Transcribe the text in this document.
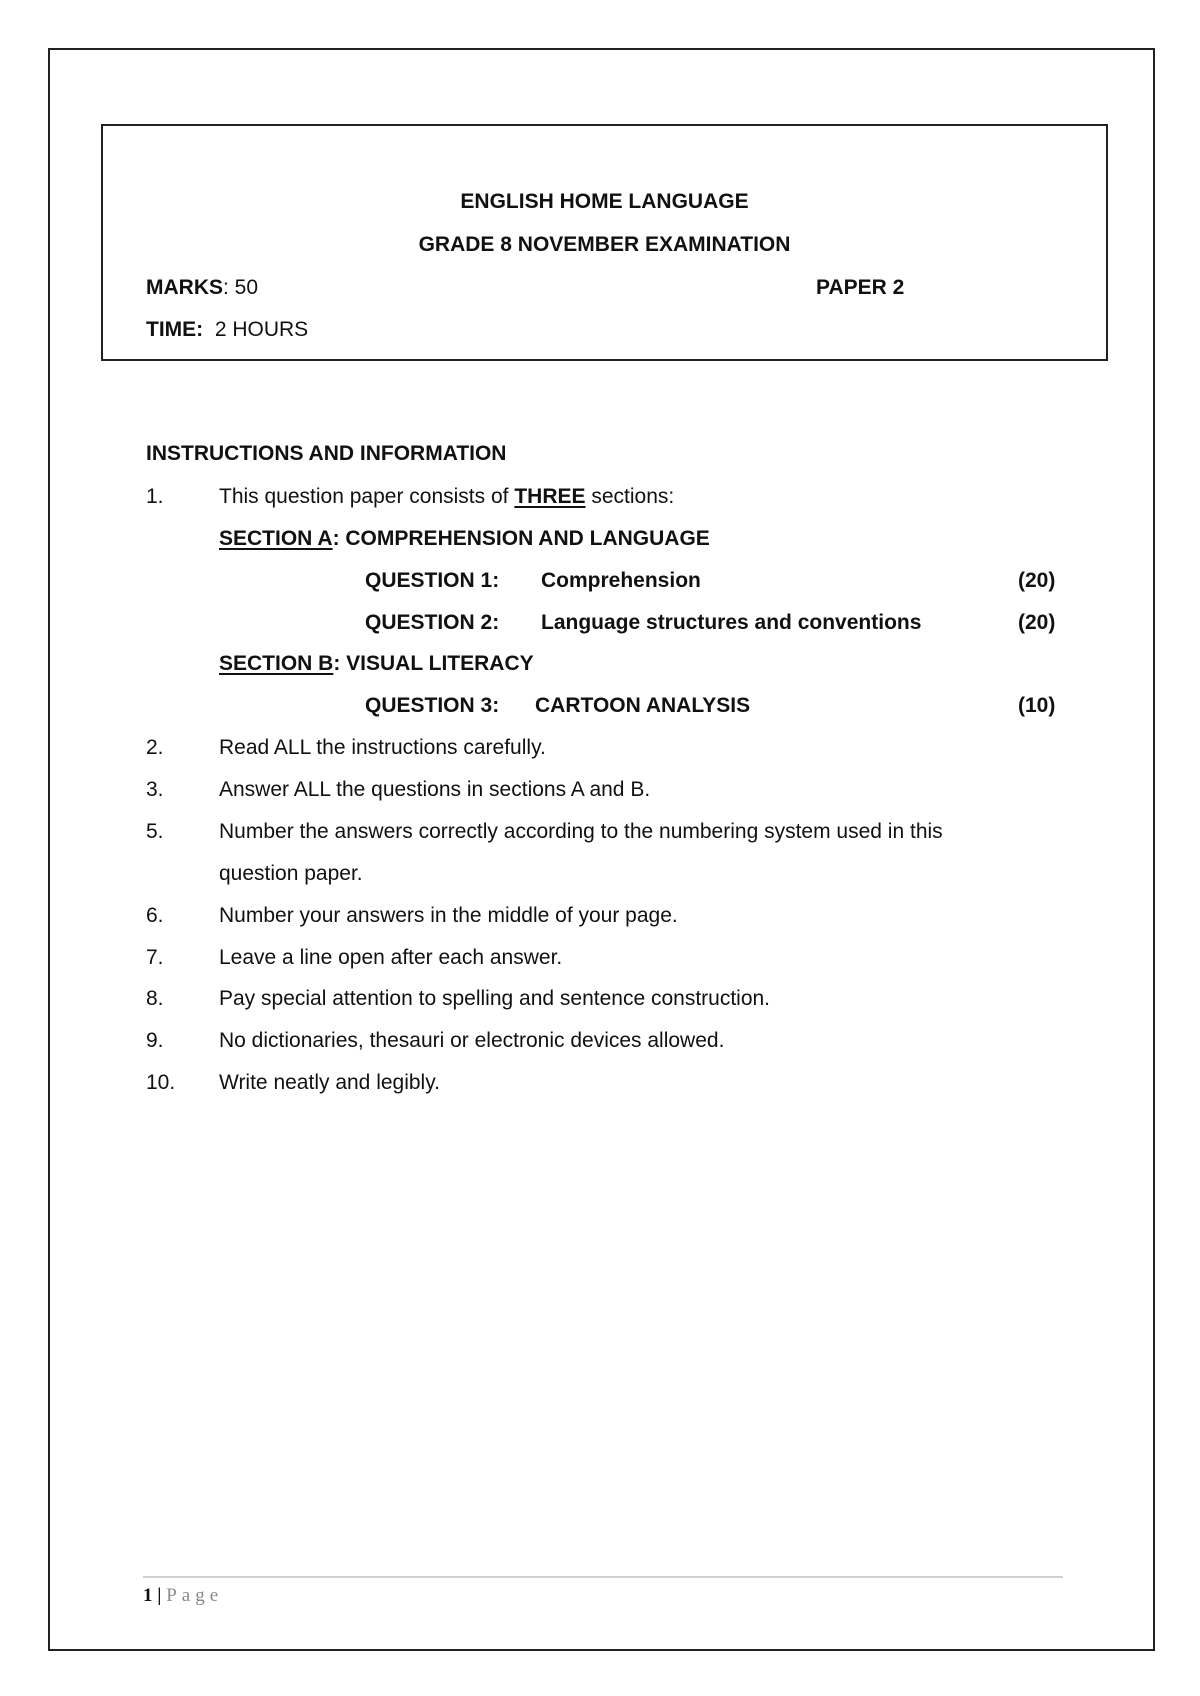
ENGLISH HOME LANGUAGE
GRADE 8 NOVEMBER EXAMINATION
MARKS: 50	PAPER 2
TIME: 2 HOURS
INSTRUCTIONS AND INFORMATION
1.	This question paper consists of THREE sections:
SECTION A: COMPREHENSION AND LANGUAGE
QUESTION 1: Comprehension	(20)
QUESTION 2: Language structures and conventions	(20)
SECTION B: VISUAL LITERACY
QUESTION 3: CARTOON ANALYSIS	(10)
2.	Read ALL the instructions carefully.
3.	Answer ALL the questions in sections A and B.
5.	Number the answers correctly according to the numbering system used in this
question paper.
6.	Number your answers in the middle of your page.
7.	Leave a line open after each answer.
8.	Pay special attention to spelling and sentence construction.
9.	No dictionaries, thesauri or electronic devices allowed.
10. Write neatly and legibly.
1 | Page
